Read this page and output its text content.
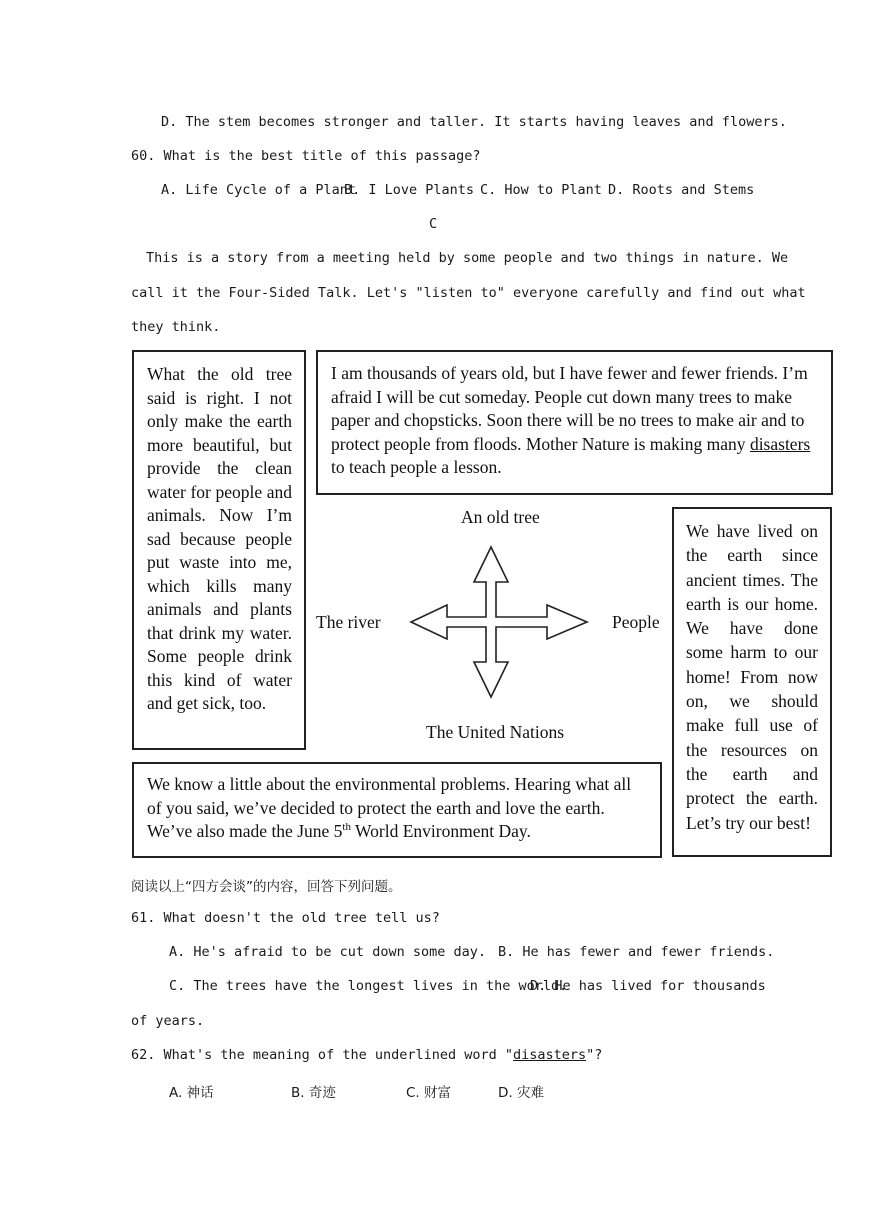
D. The stem becomes stronger and taller. It starts having leaves and flowers.
60. What is the best title of this passage?
A. Life Cycle of a Plant
B. I Love Plants C. How to Plant D. Roots and Stems
C
This is a story from a meeting held by some people and two things in nature. We
call it the Four-Sided Talk. Let's "listen to" everyone carefully and find out what
they think.
What the old tree said is right. I not only make the earth more beautiful, but provide the clean water for people and animals. Now I’m sad because people put waste into me, which kills many animals and plants that drink my water. Some people drink this kind of water and get sick, too.
I am thousands of years old, but I have fewer and fewer friends. I’m afraid I will be cut someday. People cut down many trees to make paper and chopsticks. Soon there will be no trees to make air and to protect people from floods. Mother Nature is making many disasters to teach people a lesson.
We have lived on the earth since ancient times. The earth is our home. We have done some harm to our home! From now on, we should make full use of the resources on the earth and protect the earth. Let’s try our best!
We know a little about the environmental problems. Hearing what all of you said, we’ve decided to protect the earth and love the earth. We’ve also made the June 5th World Environment Day.
An old tree
The river	People
The United Nations
阅读以上“四方会谈”的内容，回答下列问题。
61. What doesn't the old tree tell us?
A. He's afraid to be cut down some day. B. He has fewer and fewer friends.
C. The trees have the longest lives in the world.
D. He has lived for thousands
of years.
62. What's the meaning of the underlined word "disasters"?
A. 神话	B. 奇迹	C. 财富	D. 灾难
